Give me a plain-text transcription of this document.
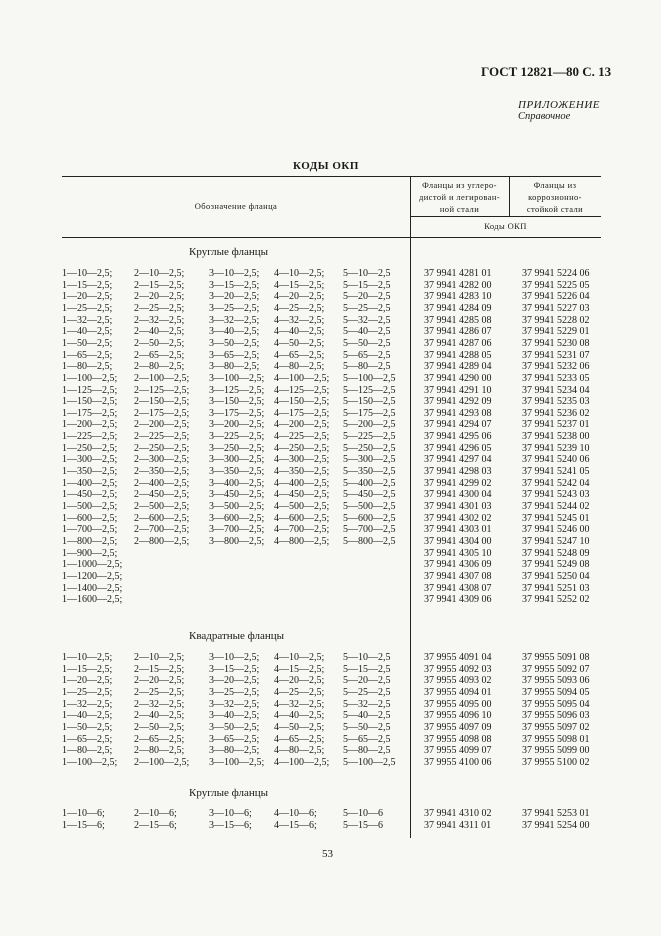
ГОСТ 12821—80 С. 13
ПРИЛОЖЕНИЕ
Справочное
КОДЫ ОКП
Обозначение фланца
Фланцы из углеро-
дистой и легирован-
ной стали
Фланцы из
коррозионно-
стойкой стали
Коды ОКП
Круглые фланцы
1—10—2,5; 2—10—2,5; 3—10—2,5; 4—10—2,5; 5—10—2,5	37 9941 4281 01	37 9941 5224 06
1—15—2,5; 2—15—2,5; 3—15—2,5; 4—15—2,5; 5—15—2,5	37 9941 4282 00	37 9941 5225 05
1—20—2,5; 2—20—2,5; 3—20—2,5; 4—20—2,5; 5—20—2,5	37 9941 4283 10	37 9941 5226 04
1—25—2,5; 2—25—2,5; 3—25—2,5; 4—25—2,5; 5—25—2,5	37 9941 4284 09	37 9941 5227 03
1—32—2,5; 2—32—2,5; 3—32—2,5; 4—32—2,5; 5—32—2,5	37 9941 4285 08	37 9941 5228 02
1—40—2,5; 2—40—2,5; 3—40—2,5; 4—40—2,5; 5—40—2,5	37 9941 4286 07	37 9941 5229 01
1—50—2,5; 2—50—2,5; 3—50—2,5; 4—50—2,5; 5—50—2,5	37 9941 4287 06	37 9941 5230 08
1—65—2,5; 2—65—2,5; 3—65—2,5; 4—65—2,5; 5—65—2,5	37 9941 4288 05	37 9941 5231 07
1—80—2,5; 2—80—2,5; 3—80—2,5; 4—80—2,5; 5—80—2,5	37 9941 4289 04	37 9941 5232 06
1—100—2,5; 2—100—2,5; 3—100—2,5; 4—100—2,5; 5—100—2,5	37 9941 4290 00	37 9941 5233 05
1—125—2,5; 2—125—2,5; 3—125—2,5; 4—125—2,5; 5—125—2,5	37 9941 4291 10	37 9941 5234 04
1—150—2,5; 2—150—2,5; 3—150—2,5; 4—150—2,5; 5—150—2,5	37 9941 4292 09	37 9941 5235 03
1—175—2,5; 2—175—2,5; 3—175—2,5; 4—175—2,5; 5—175—2,5	37 9941 4293 08	37 9941 5236 02
1—200—2,5; 2—200—2,5; 3—200—2,5; 4—200—2,5; 5—200—2,5	37 9941 4294 07	37 9941 5237 01
1—225—2,5; 2—225—2,5; 3—225—2,5; 4—225—2,5; 5—225—2,5	37 9941 4295 06	37 9941 5238 00
1—250—2,5; 2—250—2,5; 3—250—2,5; 4—250—2,5; 5—250—2,5	37 9941 4296 05	37 9941 5239 10
1—300—2,5; 2—300—2,5; 3—300—2,5; 4—300—2,5; 5—300—2,5	37 9941 4297 04	37 9941 5240 06
1—350—2,5; 2—350—2,5; 3—350—2,5; 4—350—2,5; 5—350—2,5	37 9941 4298 03	37 9941 5241 05
1—400—2,5; 2—400—2,5; 3—400—2,5; 4—400—2,5; 5—400—2,5	37 9941 4299 02	37 9941 5242 04
1—450—2,5; 2—450—2,5; 3—450—2,5; 4—450—2,5; 5—450—2,5	37 9941 4300 04	37 9941 5243 03
1—500—2,5; 2—500—2,5; 3—500—2,5; 4—500—2,5; 5—500—2,5	37 9941 4301 03	37 9941 5244 02
1—600—2,5; 2—600—2,5; 3—600—2,5; 4—600—2,5; 5—600—2,5	37 9941 4302 02	37 9941 5245 01
1—700—2,5; 2—700—2,5; 3—700—2,5; 4—700—2,5; 5—700—2,5	37 9941 4303 01	37 9941 5246 00
1—800—2,5; 2—800—2,5; 3—800—2,5; 4—800—2,5; 5—800—2,5	37 9941 4304 00	37 9941 5247 10
1—900—2,5;	37 9941 4305 10	37 9941 5248 09
1—1000—2,5;	37 9941 4306 09	37 9941 5249 08
1—1200—2,5;	37 9941 4307 08	37 9941 5250 04
1—1400—2,5;	37 9941 4308 07	37 9941 5251 03
1—1600—2,5;	37 9941 4309 06	37 9941 5252 02
Квадратные фланцы
1—10—2,5; 2—10—2,5; 3—10—2,5; 4—10—2,5; 5—10—2,5	37 9955 4091 04	37 9955 5091 08
1—15—2,5; 2—15—2,5; 3—15—2,5; 4—15—2,5; 5—15—2,5	37 9955 4092 03	37 9955 5092 07
1—20—2,5; 2—20—2,5; 3—20—2,5; 4—20—2,5; 5—20—2,5	37 9955 4093 02	37 9955 5093 06
1—25—2,5; 2—25—2,5; 3—25—2,5; 4—25—2,5; 5—25—2,5	37 9955 4094 01	37 9955 5094 05
1—32—2,5; 2—32—2,5; 3—32—2,5; 4—32—2,5; 5—32—2,5	37 9955 4095 00	37 9955 5095 04
1—40—2,5; 2—40—2,5; 3—40—2,5; 4—40—2,5; 5—40—2,5	37 9955 4096 10	37 9955 5096 03
1—50—2,5; 2—50—2,5; 3—50—2,5; 4—50—2,5; 5—50—2,5	37 9955 4097 09	37 9955 5097 02
1—65—2,5; 2—65—2,5; 3—65—2,5; 4—65—2,5; 5—65—2,5	37 9955 4098 08	37 9955 5098 01
1—80—2,5; 2—80—2,5; 3—80—2,5; 4—80—2,5; 5—80—2,5	37 9955 4099 07	37 9955 5099 00
1—100—2,5; 2—100—2,5; 3—100—2,5; 4—100—2,5; 5—100—2,5	37 9955 4100 06	37 9955 5100 02
Круглые фланцы
1—10—6;	2—10—6;	3—10—6; 4—10—6;	5—10—6	37 9941 4310 02	37 9941 5253 01
1—15—6;	2—15—6;	3—15—6; 4—15—6;	5—15—6	37 9941 4311 01	37 9941 5254 00
53
